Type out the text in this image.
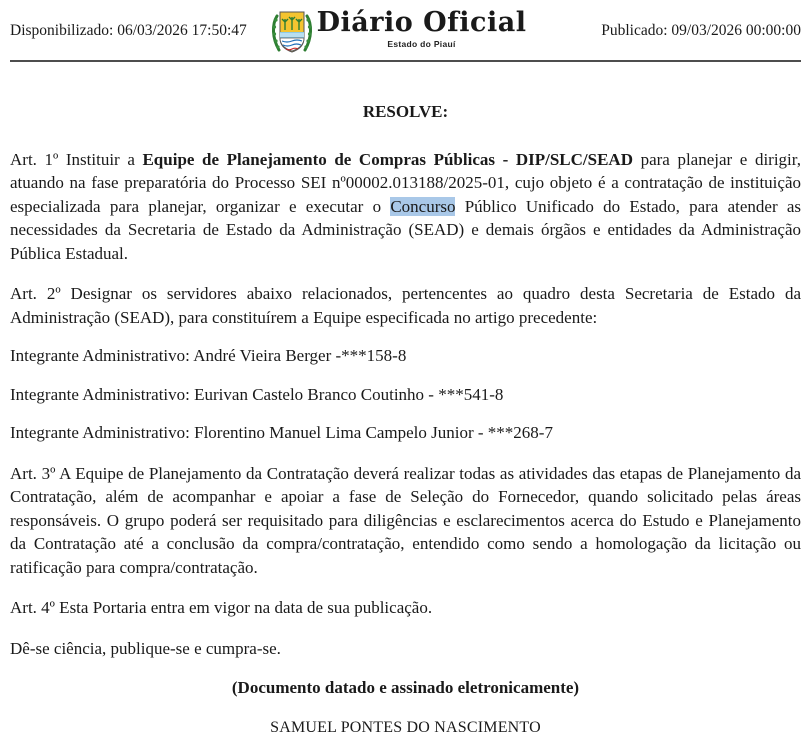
Disponibilizado: 06/03/2026 17:50:47	Diário Oficial
Estado do Piauí
Publicado: 09/03/2026 00:00:00
RESOLVE:

Art. 1º Instituir a Equipe de Planejamento de Compras Públicas - DIP/SLC/SEAD para planejar e dirigir, atuando na fase preparatória do Processo SEI nº00002.013188/2025-01, cujo objeto é a contratação de instituição especializada para planejar, organizar e executar o Concurso Público Unificado do Estado, para atender as necessidades da Secretaria de Estado da Administração (SEAD) e demais órgãos e entidades da Administração Pública Estadual.

Art. 2º Designar os servidores abaixo relacionados, pertencentes ao quadro desta Secretaria de Estado da Administração (SEAD), para constituírem a Equipe especificada no artigo precedente:

Integrante Administrativo: André Vieira Berger -***158-8
Integrante Administrativo: Eurivan Castelo Branco Coutinho - ***541-8
Integrante Administrativo: Florentino Manuel Lima Campelo Junior - ***268-7

Art. 3º A Equipe de Planejamento da Contratação deverá realizar todas as atividades das etapas de Planejamento da Contratação, além de acompanhar e apoiar a fase de Seleção do Fornecedor, quando solicitado pelas áreas responsáveis. O grupo poderá ser requisitado para diligências e esclarecimentos acerca do Estudo e Planejamento da Contratação até a conclusão da compra/contratação, entendido como sendo a homologação da licitação ou ratificação para compra/contratação.

Art. 4º Esta Portaria entra em vigor na data de sua publicação.

Dê-se ciência, publique-se e cumpra-se.
(Documento datado e assinado eletronicamente)
SAMUEL PONTES DO NASCIMENTO
